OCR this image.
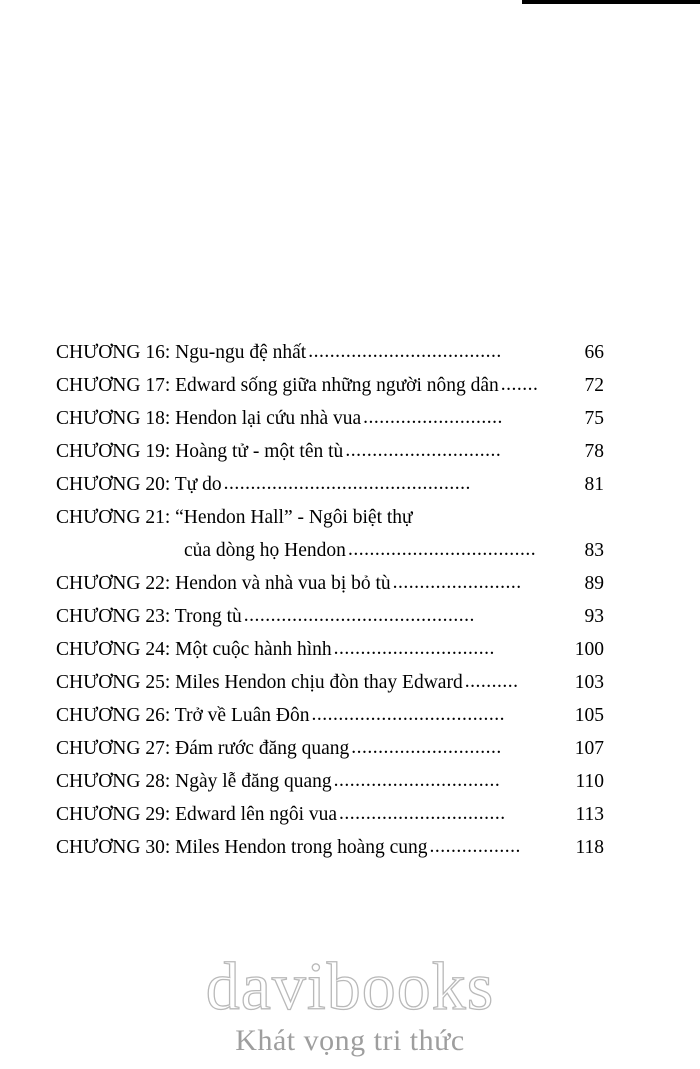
CHƯƠNG 16: Ngu-ngu đệ nhất ....................................	66
CHƯƠNG 17: Edward sống giữa những người nông dân .......	72
CHƯƠNG 18: Hendon lại cứu nhà vua ..........................	75
CHƯƠNG 19: Hoàng tử - một tên tù .............................	78
CHƯƠNG 20: Tự do ..............................................	81
CHƯƠNG 21: “Hendon Hall” - Ngôi biệt thự
của dòng họ Hendon ...................................	83
CHƯƠNG 22: Hendon và nhà vua bị bỏ tù ........................	89
CHƯƠNG 23: Trong tù ...........................................	93
CHƯƠNG 24: Một cuộc hành hình ..............................	100
CHƯƠNG 25: Miles Hendon chịu đòn thay Edward ..........	103
CHƯƠNG 26: Trở về Luân Đôn ....................................	105
CHƯƠNG 27: Đám rước đăng quang ............................	107
CHƯƠNG 28: Ngày lễ đăng quang ...............................	110
CHƯƠNG 29: Edward lên ngôi vua ...............................	113
CHƯƠNG 30: Miles Hendon trong hoàng cung .................	118
davibooks
Khát vọng tri thức
